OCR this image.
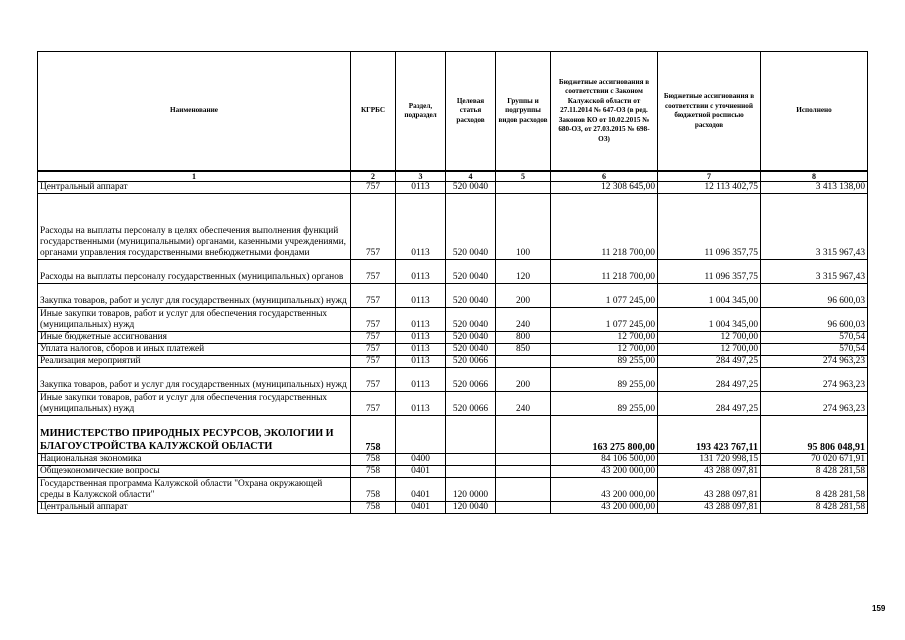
Наименование	КГРБС	Раздел, подраздел	Целевая статья расходов	Группы и подгруппы видов расходов	Бюджетные ассигнования в соответствии с Законом Калужской области от 27.11.2014 № 647-ОЗ (в ред. Законов КО от 10.02.2015 № 680-ОЗ, от 27.03.2015 № 698-ОЗ)	Бюджетные ассигнования в соответствии с уточненной бюджетной росписью расходов	Исполнено
1	2	3	4	5	6	7	8
Центральный аппарат	757	0113	520 0040		12 308 645,00	12 113 402,75	3 413 138,00
Расходы на выплаты персоналу в целях обеспечения выполнения функций государственными (муниципальными) органами, казенными учреждениями, органами управления государственными внебюджетными фондами	757	0113	520 0040	100	11 218 700,00	11 096 357,75	3 315 967,43
Расходы на выплаты персоналу государственных (муниципальных) органов	757	0113	520 0040	120	11 218 700,00	11 096 357,75	3 315 967,43
Закупка товаров, работ и услуг для государственных (муниципальных) нужд	757	0113	520 0040	200	1 077 245,00	1 004 345,00	96 600,03
Иные закупки товаров, работ и услуг для обеспечения государственных (муниципальных) нужд	757	0113	520 0040	240	1 077 245,00	1 004 345,00	96 600,03
Иные бюджетные ассигнования	757	0113	520 0040	800	12 700,00	12 700,00	570,54
Уплата налогов, сборов и иных платежей	757	0113	520 0040	850	12 700,00	12 700,00	570,54
Реализация мероприятий	757	0113	520 0066		89 255,00	284 497,25	274 963,23
Закупка товаров, работ и услуг для государственных (муниципальных) нужд	757	0113	520 0066	200	89 255,00	284 497,25	274 963,23
Иные закупки товаров, работ и услуг для обеспечения государственных (муниципальных) нужд	757	0113	520 0066	240	89 255,00	284 497,25	274 963,23
МИНИСТЕРСТВО ПРИРОДНЫХ РЕСУРСОВ, ЭКОЛОГИИ И БЛАГОУСТРОЙСТВА КАЛУЖСКОЙ ОБЛАСТИ	758				163 275 800,00	193 423 767,11	95 806 048,91
Национальная экономика	758	0400			84 106 500,00	131 720 998,15	70 020 671,91
Общеэкономические вопросы	758	0401			43 200 000,00	43 288 097,81	8 428 281,58
Государственная программа Калужской области "Охрана окружающей среды в Калужской области"	758	0401	120 0000		43 200 000,00	43 288 097,81	8 428 281,58
Центральный аппарат	758	0401	120 0040		43 200 000,00	43 288 097,81	8 428 281,58
159
